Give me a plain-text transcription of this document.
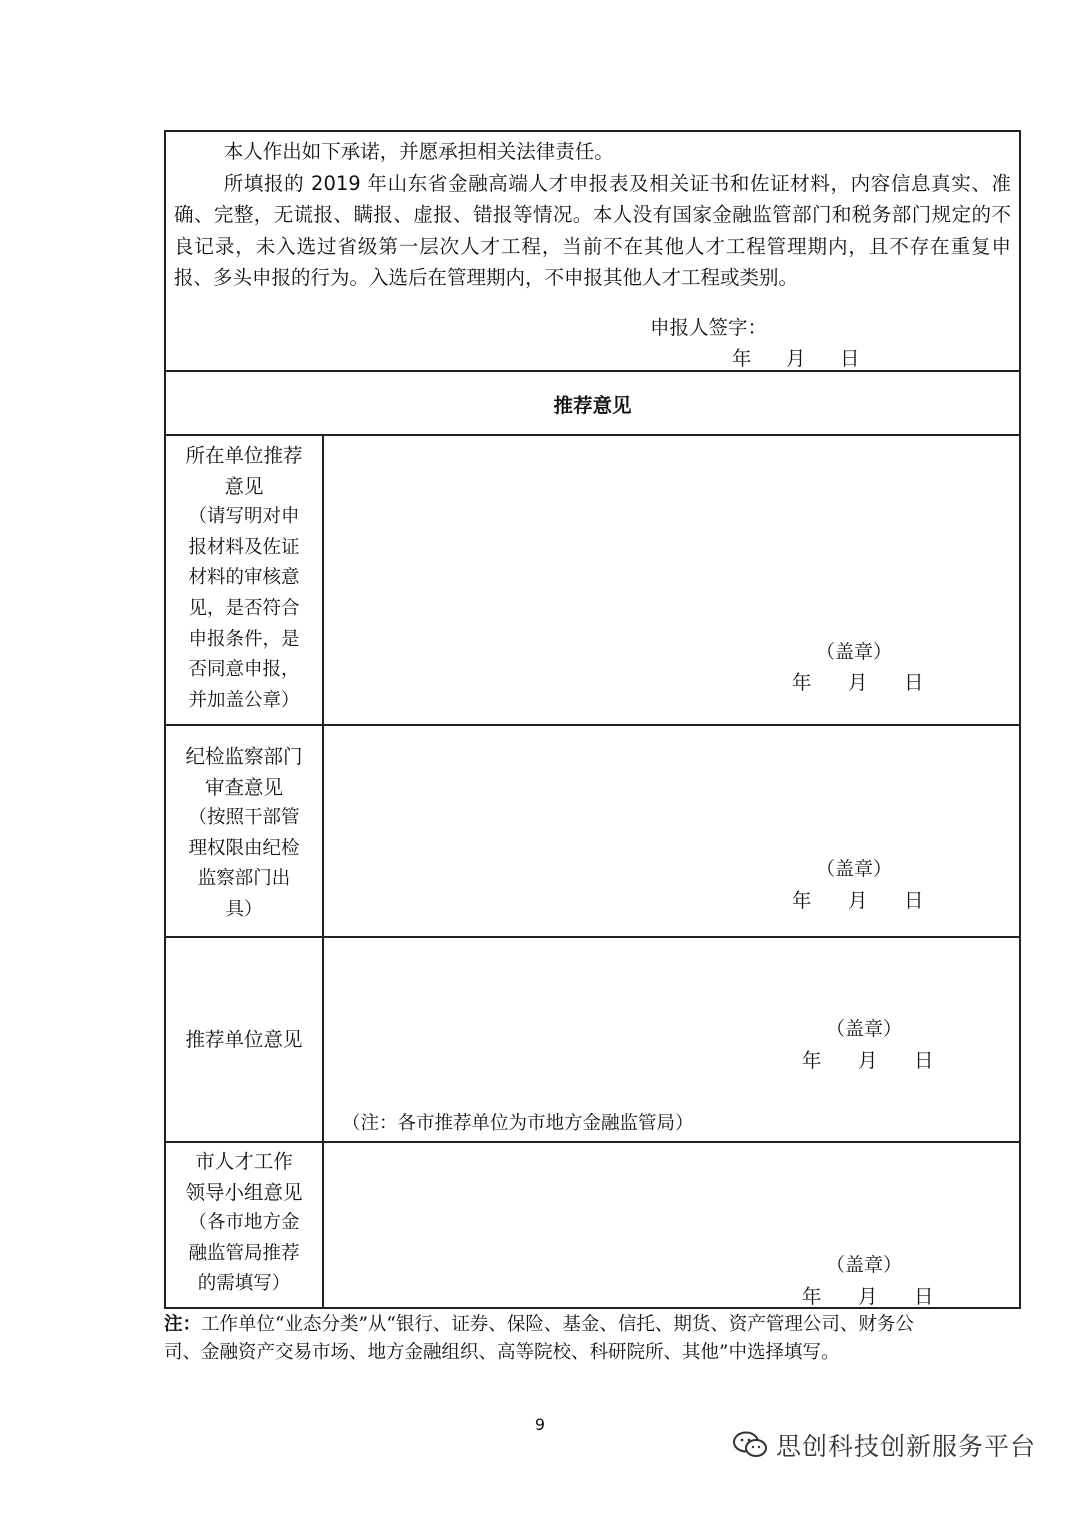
本人作出如下承诺，并愿承担相关法律责任。

所填报的 2019 年山东省金融高端人才申报表及相关证书和佐证材料，内容信息真实、准确、完整，无谎报、瞒报、虚报、错报等情况。本人没有国家金融监管部门和税务部门规定的不良记录，未入选过省级第一层次人才工程，当前不在其他人才工程管理期内，且不存在重复申报、多头申报的行为。入选后在管理期内，不申报其他人才工程或类别。

申报人签字：
年 月 日
推荐意见
所在单位推荐
意见
（请写明对申
报材料及佐证
材料的审核意
见，是否符合
申报条件，是
否同意申报，
并加盖公章）
（盖章）
年 月 日
纪检监察部门
审查意见
（按照干部管
理权限由纪检
监察部门出
具）
（盖章）
年 月 日
推荐单位意见	（盖章）
年 月 日
（注：各市推荐单位为市地方金融监管局）
市人才工作
领导小组意见
（各市地方金
融监管局推荐
的需填写）
（盖章）
年 月 日
注：工作单位“业态分类”从“银行、证券、保险、基金、信托、期货、资产管理公司、财务公司、金融资产交易市场、地方金融组织、高等院校、科研院所、其他”中选择填写。
9
思创科技创新服务平台
